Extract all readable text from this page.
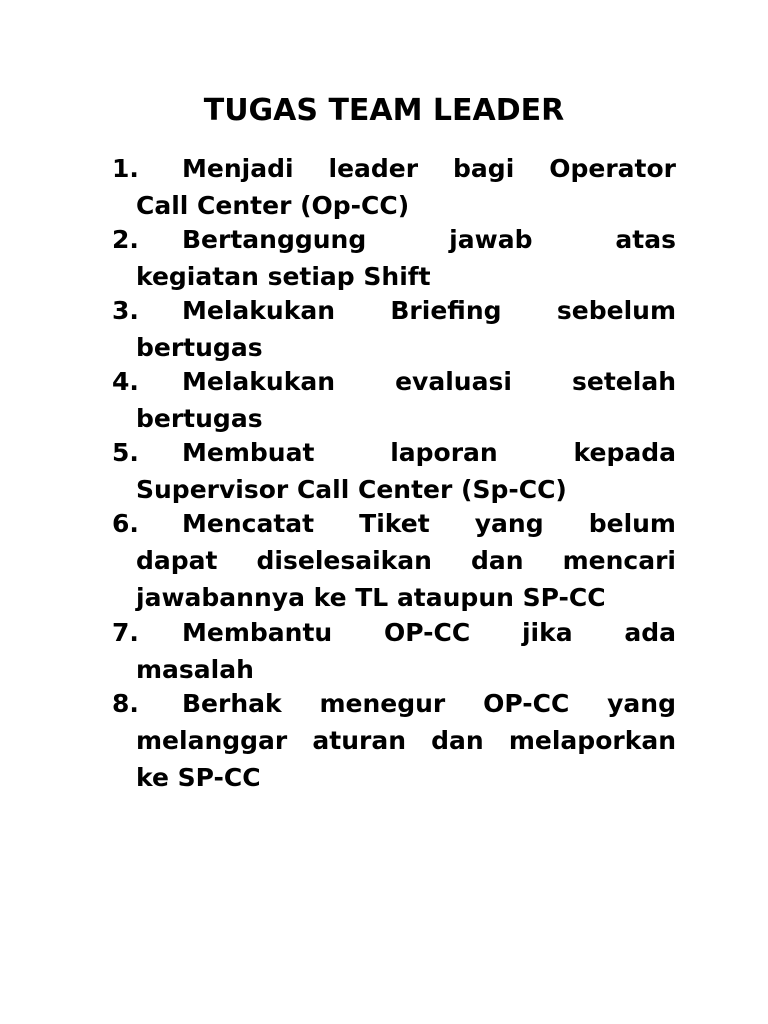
TUGAS TEAM LEADER
1. Menjadi leader bagi Operator

Call Center (Op-CC)

2. Bertanggung jawab atas

kegiatan setiap Shift

3. Melakukan Briefing sebelum

bertugas

4. Melakukan evaluasi setelah

bertugas

5. Membuat laporan kepada

Supervisor Call Center (Sp-CC)

6. Mencatat Tiket yang belum

dapat diselesaikan dan mencari

jawabannya ke TL ataupun SP-CC

7. Membantu OP-CC jika ada

masalah

8. Berhak menegur OP-CC yang

melanggar aturan dan melaporkan

ke SP-CC
